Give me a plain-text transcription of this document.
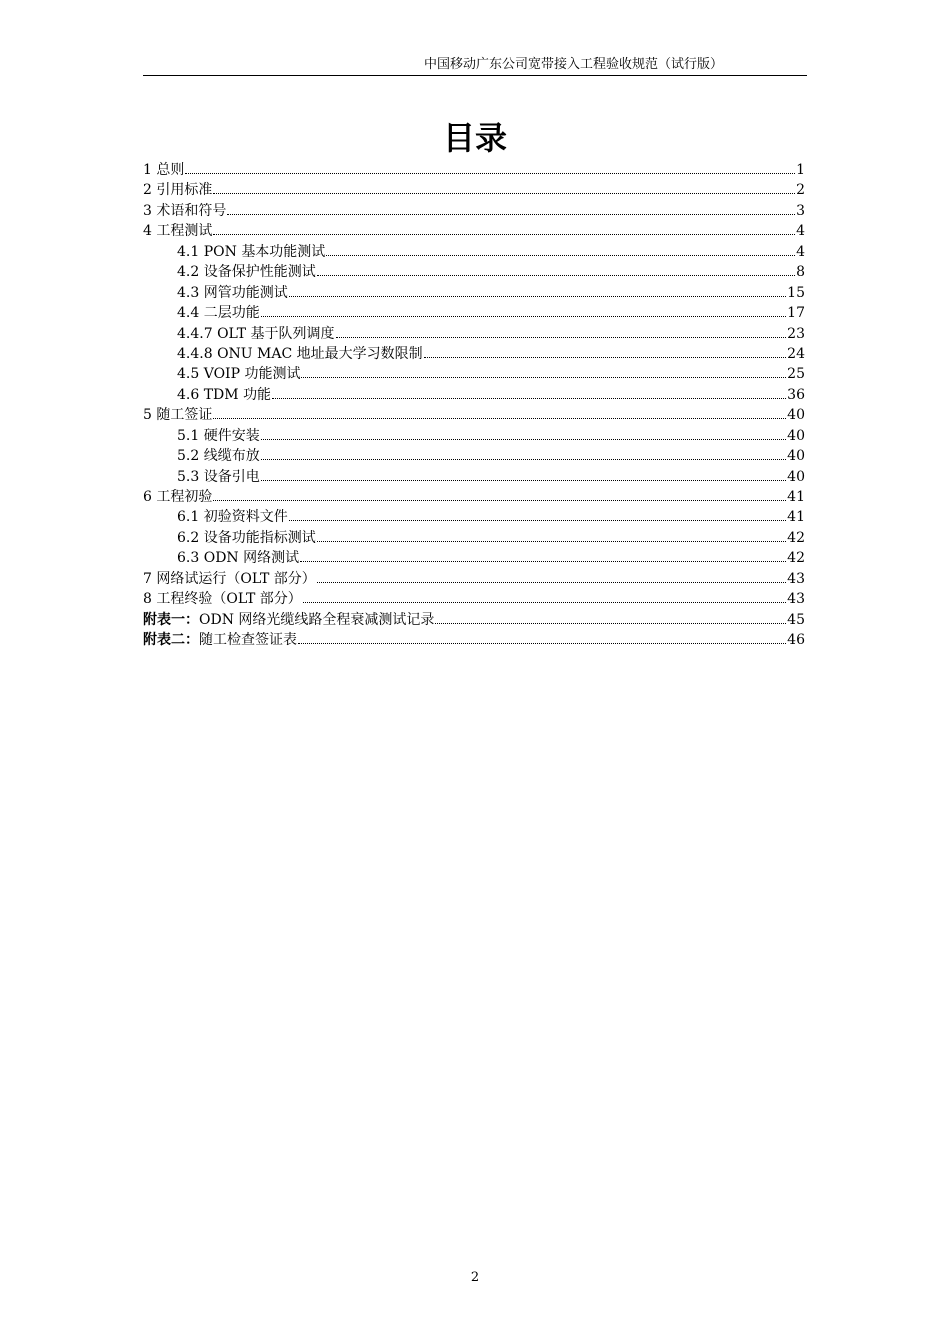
中国移动广东公司宽带接入工程验收规范（试行版）
目录
1 总则	1
2 引用标准	2
3 术语和符号	3
4 工程测试	4
4.1 PON 基本功能测试	4
4.2 设备保护性能测试	8
4.3 网管功能测试	15
4.4 二层功能	17
4.4.7 OLT 基于队列调度	23
4.4.8 ONU MAC 地址最大学习数限制	24
4.5 VOIP 功能测试	25
4.6 TDM 功能	36
5 随工签证	40
5.1 硬件安装	40
5.2 线缆布放	40
5.3 设备引电	40
6 工程初验	41
6.1 初验资料文件	41
6.2 设备功能指标测试	42
6.3 ODN 网络测试	42
7 网络试运行（OLT 部分）	43
8 工程终验（OLT 部分）	43
附表一：ODN 网络光缆线路全程衰减测试记录	45
附表二：随工检查签证表	46
2
